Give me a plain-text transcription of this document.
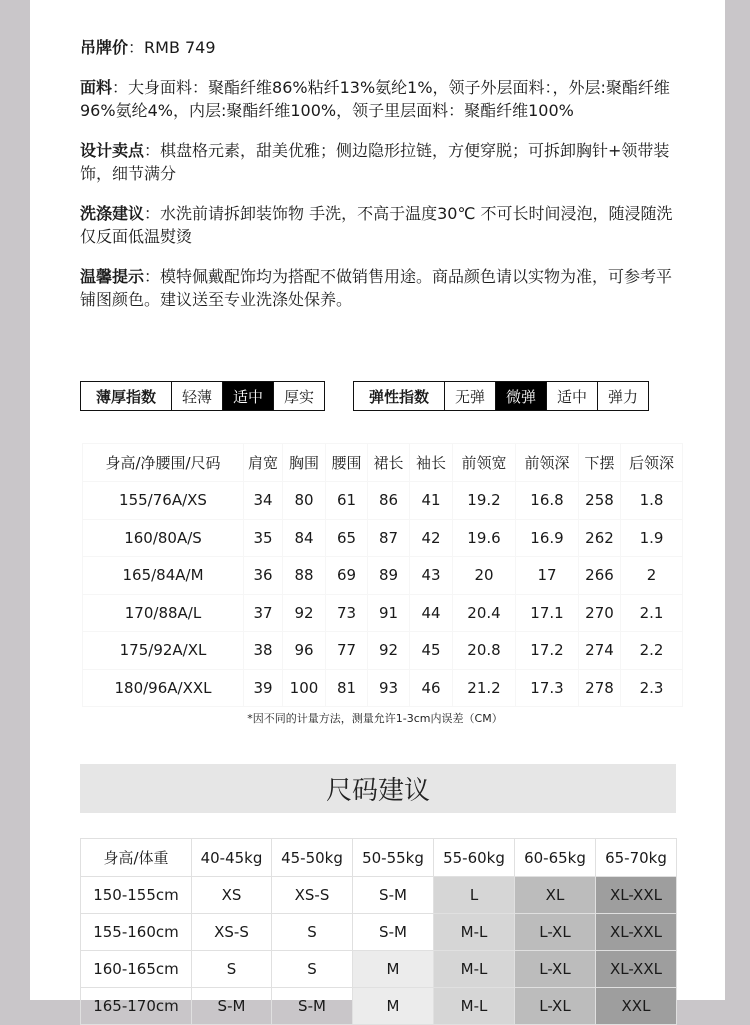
吊牌价：RMB 749

面料：大身面料：聚酯纤维86%粘纤13%氨纶1%，领子外层面料：，外层:聚酯纤维96%氨纶4%，内层:聚酯纤维100%，领子里层面料：聚酯纤维100%

设计卖点：棋盘格元素，甜美优雅；侧边隐形拉链，方便穿脱；可拆卸胸针+领带装饰，细节满分

洗涤建议：水洗前请拆卸装饰物 手洗，不高于温度30℃ 不可长时间浸泡，随浸随洗 仅反面低温熨烫

温馨提示：模特佩戴配饰均为搭配不做销售用途。商品颜色请以实物为准，可参考平铺图颜色。建议送至专业洗涤处保养。

薄厚指数	轻薄	适中	厚实	弹性指数	无弹	微弹	适中	弹力
身高/净腰围/尺码	肩宽	胸围	腰围	裙长	袖长	前领宽	前领深	下摆	后领深
155/76A/XS	34	80	61	86	41	19.2	16.8	258	1.8
160/80A/S	35	84	65	87	42	19.6	16.9	262	1.9
165/84A/M	36	88	69	89	43	20	17	266	2
170/88A/L	37	92	73	91	44	20.4	17.1	270	2.1
175/92A/XL	38	96	77	92	45	20.8	17.2	274	2.2
180/96A/XXL	39	100	81	93	46	21.2	17.3	278	2.3
*因不同的计量方法，测量允许1-3cm内误差（CM）
尺码建议
身高/体重	40-45kg	45-50kg	50-55kg	55-60kg	60-65kg	65-70kg
150-155cm	XS	XS-S	S-M	L	XL	XL-XXL
155-160cm	XS-S	S	S-M	M-L	L-XL	XL-XXL
160-165cm	S	S	M	M-L	L-XL	XL-XXL
165-170cm	S-M	S-M	M	M-L	L-XL	XXL
